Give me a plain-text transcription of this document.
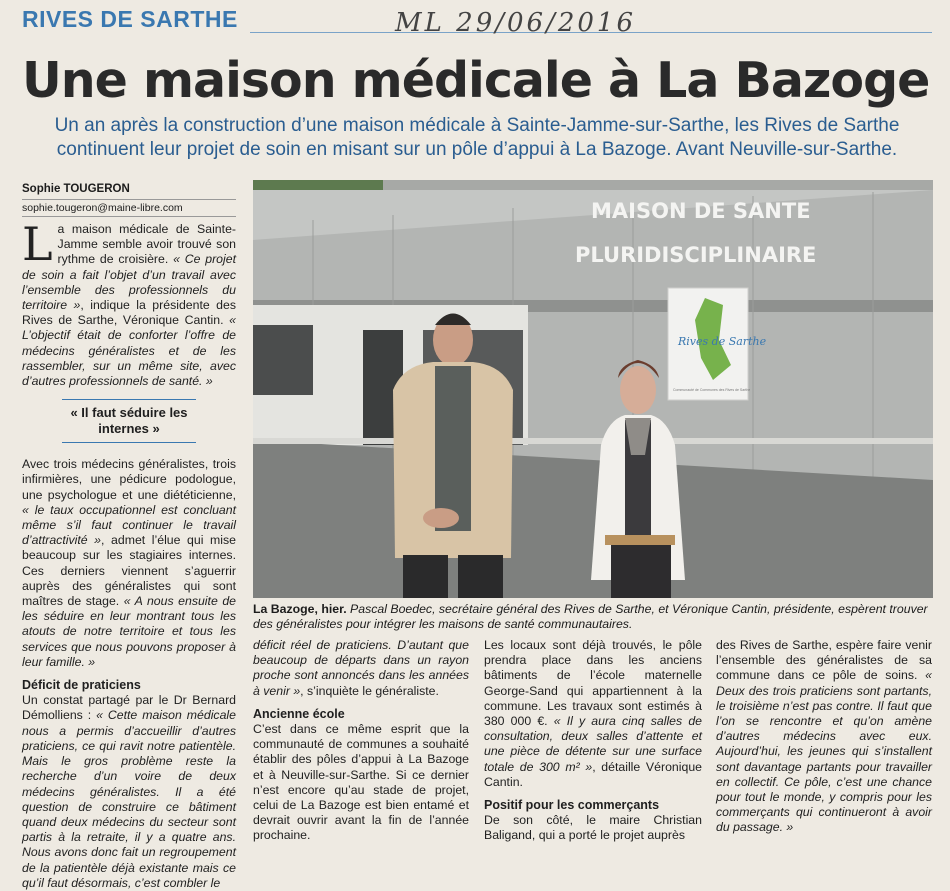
RIVES DE SARTHE	ML 29/06/2016
Une maison médicale à La Bazoge
Un an après la construction d’une maison médicale à Sainte-Jamme-sur-Sarthe, les Rives de Sarthe continuent leur projet de soin en misant sur un pôle d’appui à La Bazoge. Avant Neuville-sur-Sarthe.
Sophie TOUGERON
sophie.tougeron@maine-libre.com

La maison médicale de Sainte-Jamme semble avoir trouvé son rythme de croisière. « Ce projet de soin a fait l’objet d’un travail avec l’ensemble des professionnels du territoire », indique la présidente des Rives de Sarthe, Véronique Cantin. « L’objectif était de conforter l’offre de médecins généralistes et de les rassembler, sur un même site, avec d’autres professionnels de santé. »

« Il faut séduire les internes »

Avec trois médecins généralistes, trois infirmières, une pédicure podologue, une psychologue et une diététicienne, « le taux occupationnel est concluant même s’il faut continuer le travail d’attractivité », admet l’élue qui mise beaucoup sur les stagiaires internes. Ces derniers viennent s’aguerrir auprès des généralistes qui sont maîtres de stage. « A nous ensuite de les séduire en leur montrant tous les atouts de notre territoire et tous les services que nous pouvons proposer à leur famille. »

Déficit de praticiens

Un constat partagé par le Dr Bernard Démolliens : « Cette maison médicale nous a permis d’accueillir d’autres praticiens, ce qui ravit notre patientèle. Mais le gros problème reste la recherche d’un voire de deux médecins généralistes. Il a été question de construire ce bâtiment quand deux médecins du secteur sont partis à la retraite, il y a quatre ans. Nous avons donc fait un regroupement de la patientèle déjà existante mais ce qu’il faut désormais, c’est combler le

MAISON DE SANTE
PLURIDISCIPLINAIRE
Rives de Sarthe
Communauté de Communes des Rives de Sarthe
La Bazoge, hier. Pascal Boedec, secrétaire général des Rives de Sarthe, et Véronique Cantin, présidente, espèrent trouver des généralistes pour intégrer les maisons de santé communautaires.

déficit réel de praticiens. D’autant que beaucoup de départs dans un rayon proche sont annoncés dans les années à venir », s’inquiète le généraliste.

Ancienne école

C’est dans ce même esprit que la communauté de communes a souhaité établir des pôles d’appui à La Bazoge et à Neuville-sur-Sarthe. Si ce dernier n’est encore qu’au stade de projet, celui de La Bazoge est bien entamé et devrait ouvrir avant la fin de l’année prochaine.

Les locaux sont déjà trouvés, le pôle prendra place dans les anciens bâtiments de l’école maternelle George-Sand qui appartiennent à la commune. Les travaux sont estimés à 380 000 €. « Il y aura cinq salles de consultation, deux salles d’attente et une pièce de détente sur une surface totale de 300 m² », détaille Véronique Cantin.

Positif pour les commerçants

De son côté, le maire Christian Baligand, qui a porté le projet auprès

des Rives de Sarthe, espère faire venir l’ensemble des généralistes de sa commune dans ce pôle de soins. « Deux des trois praticiens sont partants, le troisième n’est pas contre. Il faut que l’on se rencontre et qu’on amène d’autres médecins avec eux. Aujourd’hui, les jeunes qui s’installent sont davantage partants pour travailler en collectif. Ce pôle, c’est une chance pour tout le monde, y compris pour les commerçants qui continueront à avoir du passage. »
